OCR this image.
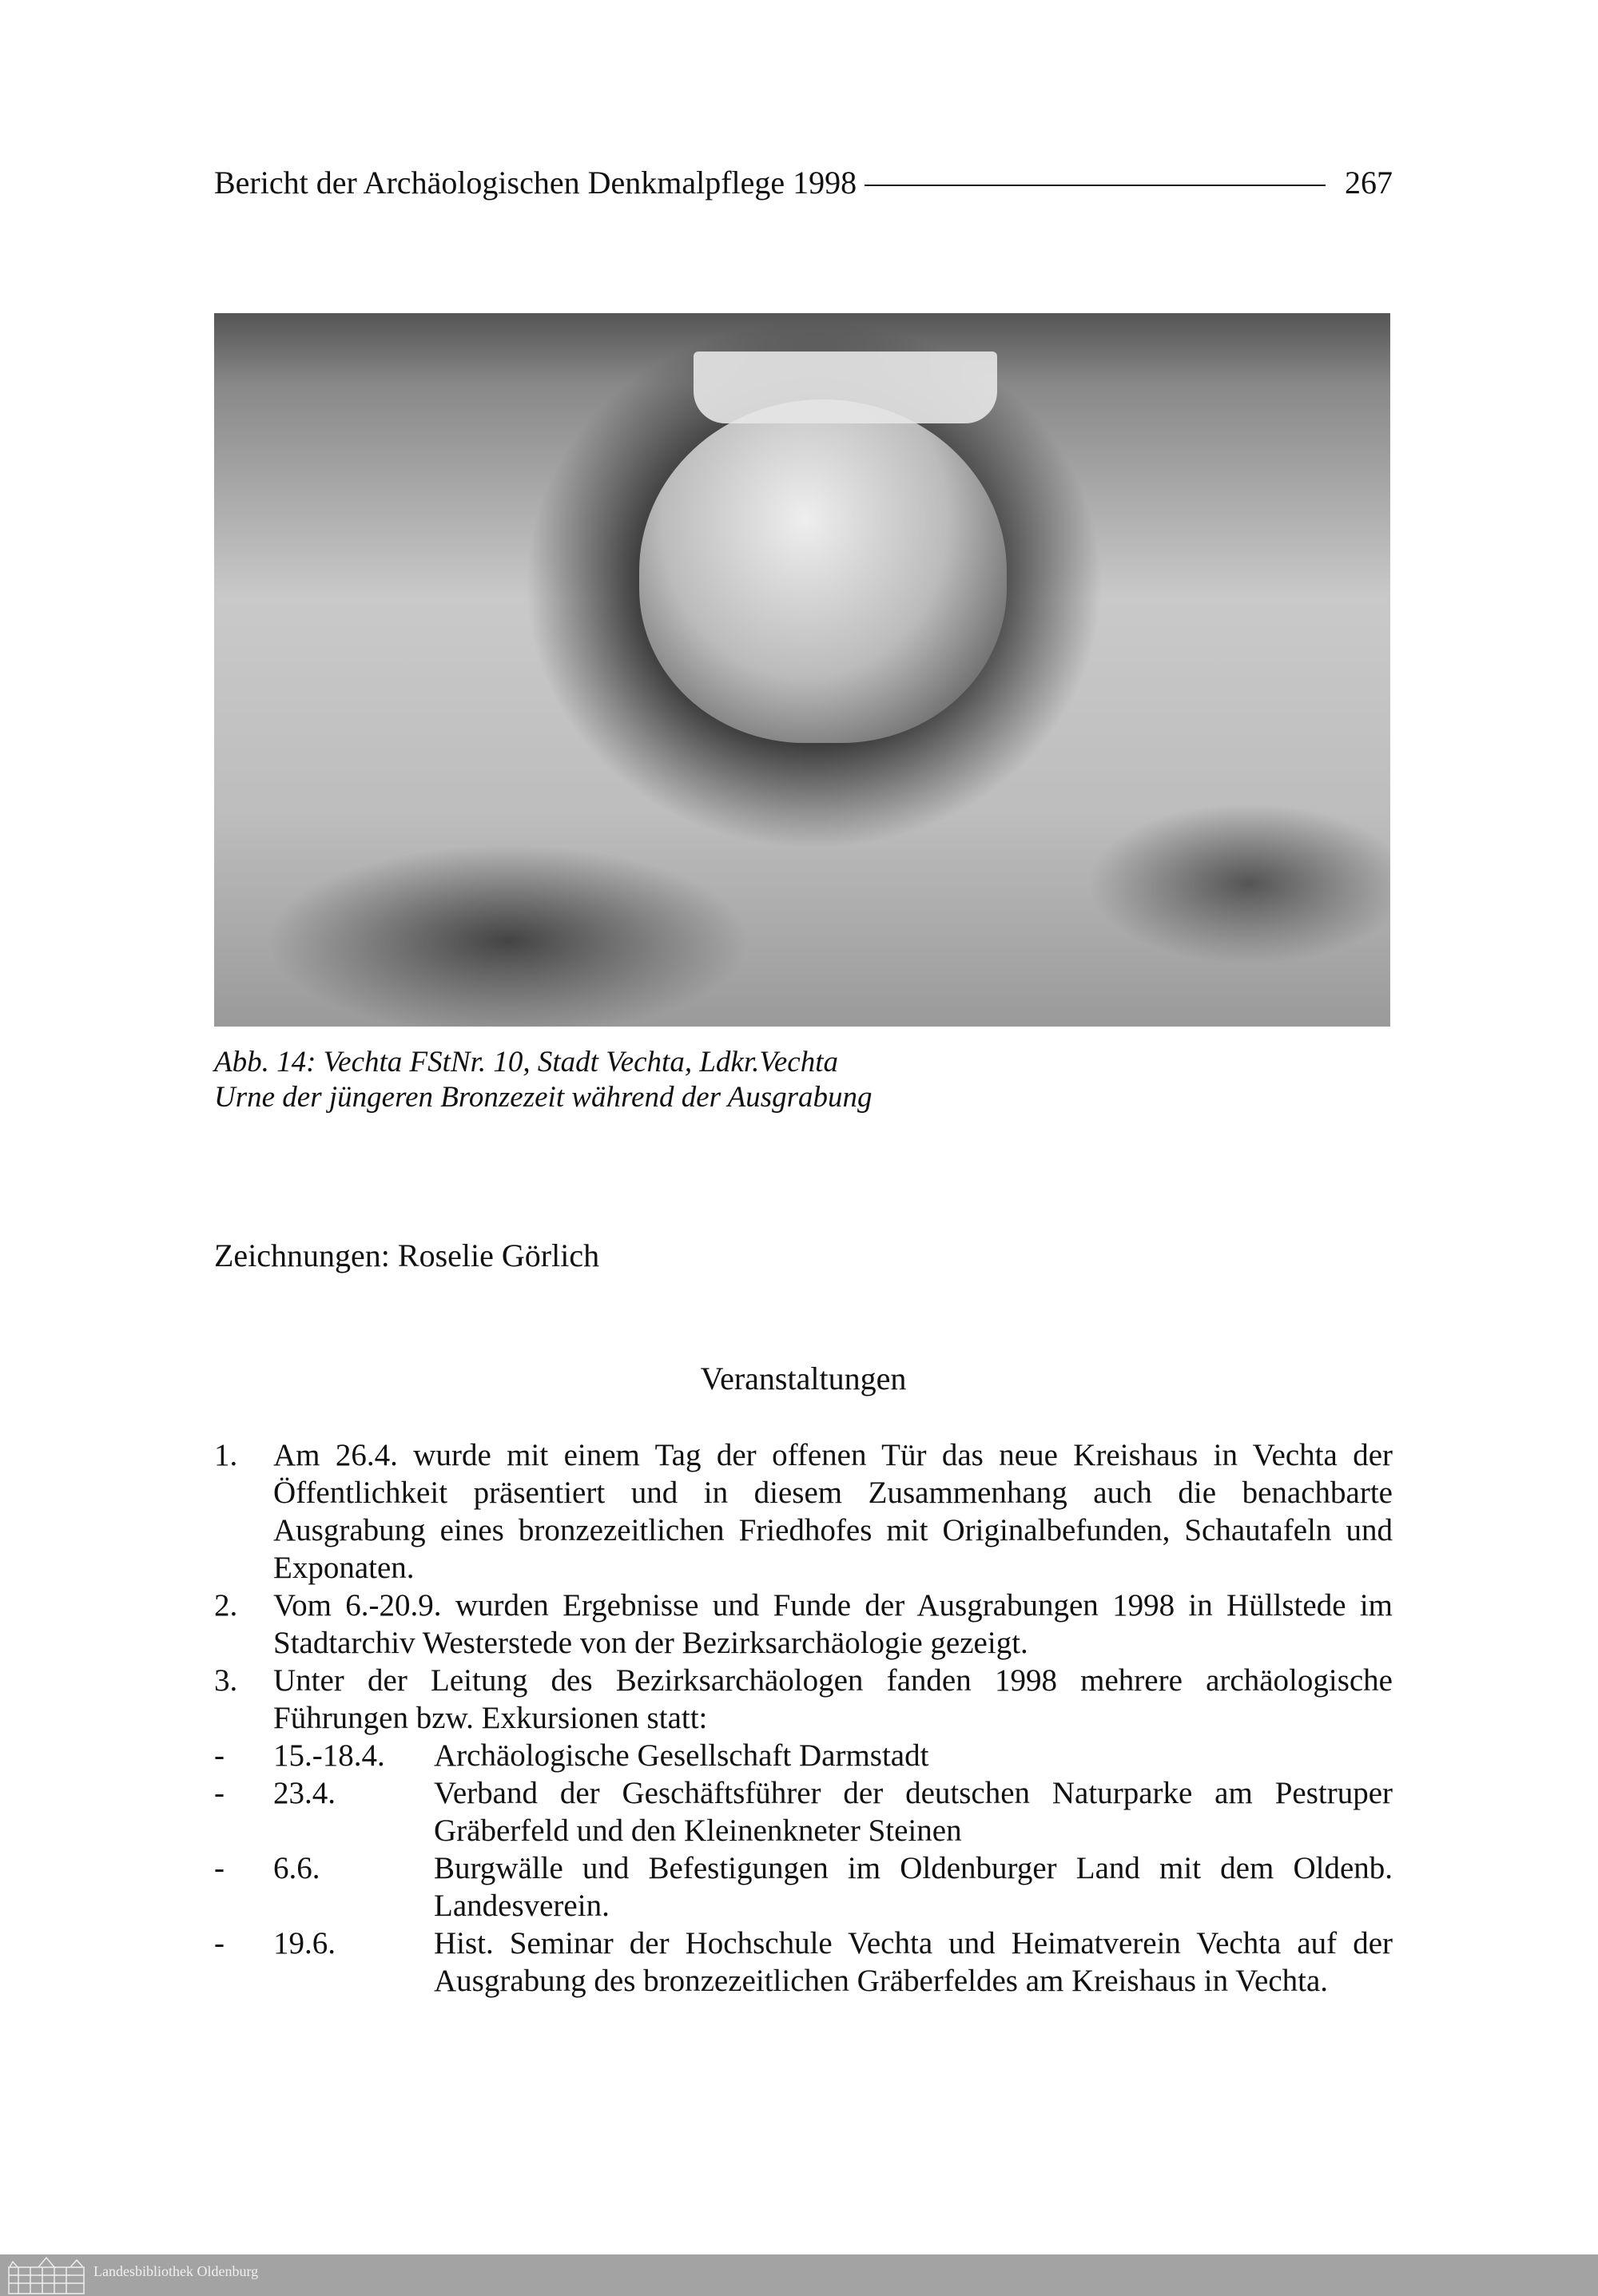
Bericht der Archäologischen Denkmalpflege 1998	267
Abb. 14: Vechta FStNr. 10, Stadt Vechta, Ldkr.Vechta
Urne der jüngeren Bronzezeit während der Ausgrabung
Zeichnungen: Roselie Görlich
Veranstaltungen
1.	Am 26.4. wurde mit einem Tag der offenen Tür das neue Kreishaus in Vechta der Öffentlichkeit präsentiert und in diesem Zusammenhang auch die benachbarte Ausgrabung eines bronzezeitlichen Friedhofes mit Originalbefunden, Schautafeln und Exponaten.
2.	Vom 6.-20.9. wurden Ergebnisse und Funde der Ausgrabungen 1998 in Hüllstede im Stadtarchiv Westerstede von der Bezirksarchäologie gezeigt.
3.	Unter der Leitung des Bezirksarchäologen fanden 1998 mehrere archäologische Führungen bzw. Exkursionen statt:
-	15.-18.4.	Archäologische Gesellschaft Darmstadt
-	23.4.	Verband der Geschäftsführer der deutschen Naturparke am Pestruper Gräberfeld und den Kleinenkneter Steinen
-	6.6.	Burgwälle und Befestigungen im Oldenburger Land mit dem Oldenb. Landesverein.
-	19.6.	Hist. Seminar der Hochschule Vechta und Heimatverein Vechta auf der Ausgrabung des bronzezeitlichen Gräberfeldes am Kreishaus in Vechta.
Landesbibliothek Oldenburg
